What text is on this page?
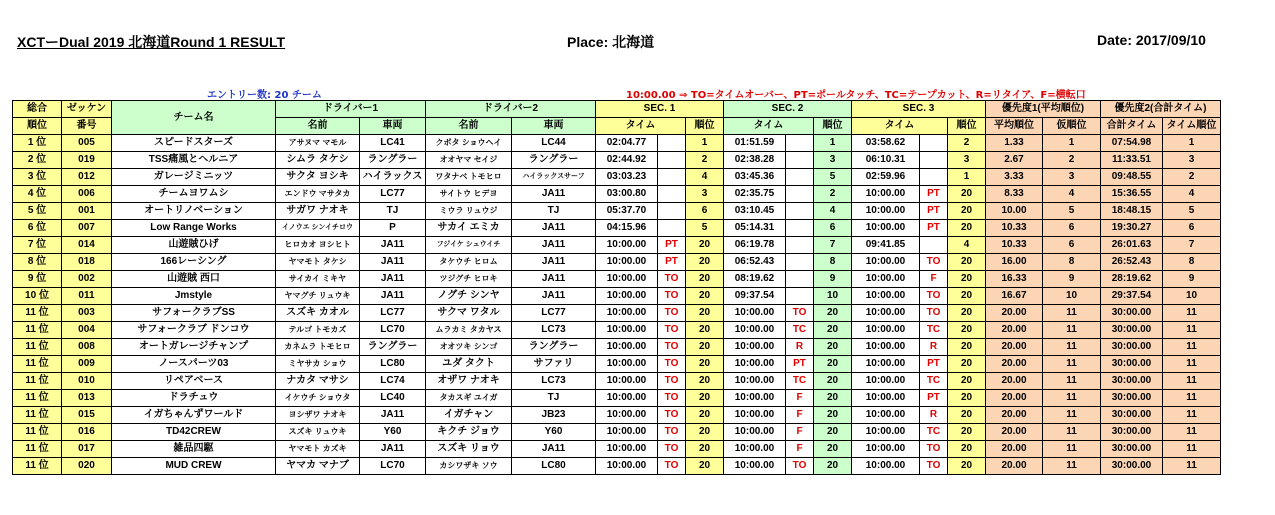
XCTーDual 2019 北海道Round 1 RESULT	Place: 北海道	Date: 2017/09/10
エントリー数: 20 チーム	10:00.00 ⇒ TO=タイムオーバー、PT=ポールタッチ、TC=テープカット、R=リタイア、F=横転口
総合	ゼッケン	チーム名	ドライバー1		ドライバー2		SEC. 1			SEC. 2			SEC. 3			優先度1(平均順位)		優先度2(合計タイム)	
順位	番号		名前	車両	名前	車両	タイム		順位	タイム		順位	タイム		順位	平均順位	仮順位	合計タイム	タイム順位
1 位	005	スピードスターズ	アサヌマ マモル	LC41	クボタ ショウヘイ	LC44	02:04.77		1	01:51.59		1	03:58.62		2	1.33	1	07:54.98	1
2 位	019	TSS痛風とヘルニア	シムラ タケシ	ラングラー	オオヤマ セイジ	ラングラー	02:44.92		2	02:38.28		3	06:10.31		3	2.67	2	11:33.51	3
3 位	012	ガレージミニッツ	サクタ ヨシキ	ハイラックス	ワタナベ トモヒロ	ハイラックスサーフ	03:03.23		4	03:45.36		5	02:59.96		1	3.33	3	09:48.55	2
4 位	006	チームヨワムシ	エンドウ マサタカ	LC77	サイトウ ヒデヨ	JA11	03:00.80		3	02:35.75		2	10:00.00	PT	20	8.33	4	15:36.55	4
5 位	001	オートリノベーション	サガワ ナオキ	TJ	ミウラ リュウジ	TJ	05:37.70		6	03:10.45		4	10:00.00	PT	20	10.00	5	18:48.15	5
6 位	007	Low Range Works	イノウエ シンイチロウ	P	サカイ エミカ	JA11	04:15.96		5	05:14.31		6	10:00.00	PT	20	10.33	6	19:30.27	6
7 位	014	山遊賊ひげ	ヒロカオ ヨシヒト	JA11	フジイケ シュウイチ	JA11	10:00.00	PT	20	06:19.78		7	09:41.85		4	10.33	6	26:01.63	7
8 位	018	166レーシング	ヤマモト タケシ	JA11	タケウチ ヒロム	JA11	10:00.00	PT	20	06:52.43		8	10:00.00	TO	20	16.00	8	26:52.43	8
9 位	002	山遊賊 西口	サイカイ ミキヤ	JA11	ツジグチ ヒロキ	JA11	10:00.00	TO	20	08:19.62		9	10:00.00	F	20	16.33	9	28:19.62	9
10 位	011	Jmstyle	ヤマグチ リュウキ	JA11	ノグチ シンヤ	JA11	10:00.00	TO	20	09:37.54		10	10:00.00	TO	20	16.67	10	29:37.54	10
11 位	003	サフォークラブSS	スズキ カオル	LC77	サクマ ワタル	LC77	10:00.00	TO	20	10:00.00	TO	20	10:00.00	TO	20	20.00	11	30:00.00	11
11 位	004	サフォークラブ ドンコウ	テルゴ トモカズ	LC70	ムラカミ タカヤス	LC73	10:00.00	TO	20	10:00.00	TC	20	10:00.00	TC	20	20.00	11	30:00.00	11
11 位	008	オートガレージチャンプ	カネムラ トモヒロ	ラングラー	オオツキ シンゴ	ラングラー	10:00.00	TO	20	10:00.00	R	20	10:00.00	R	20	20.00	11	30:00.00	11
11 位	009	ノースパーツ03	ミヤサカ ショウ	LC80	ユダ タクト	サファリ	10:00.00	TO	20	10:00.00	PT	20	10:00.00	PT	20	20.00	11	30:00.00	11
11 位	010	リペアベース	ナカタ マサシ	LC74	オザワ ナオキ	LC73	10:00.00	TO	20	10:00.00	TC	20	10:00.00	TC	20	20.00	11	30:00.00	11
11 位	013	ドラチュウ	イケウチ ショウタ	LC40	タカスギ ユイガ	TJ	10:00.00	TO	20	10:00.00	F	20	10:00.00	PT	20	20.00	11	30:00.00	11
11 位	015	イガちゃんずワールド	ヨシザワ ナオキ	JA11	イガチャン	JB23	10:00.00	TO	20	10:00.00	F	20	10:00.00	R	20	20.00	11	30:00.00	11
11 位	016	TD42CREW	スズキ リュウキ	Y60	キクチ ジョウ	Y60	10:00.00	TO	20	10:00.00	F	20	10:00.00	TC	20	20.00	11	30:00.00	11
11 位	017	雑品四駆	ヤマモト カズキ	JA11	スズキ リョウ	JA11	10:00.00	TO	20	10:00.00	F	20	10:00.00	TO	20	20.00	11	30:00.00	11
11 位	020	MUD CREW	ヤマカ マナブ	LC70	カシワザキ ソウ	LC80	10:00.00	TO	20	10:00.00	TO	20	10:00.00	TO	20	20.00	11	30:00.00	11
